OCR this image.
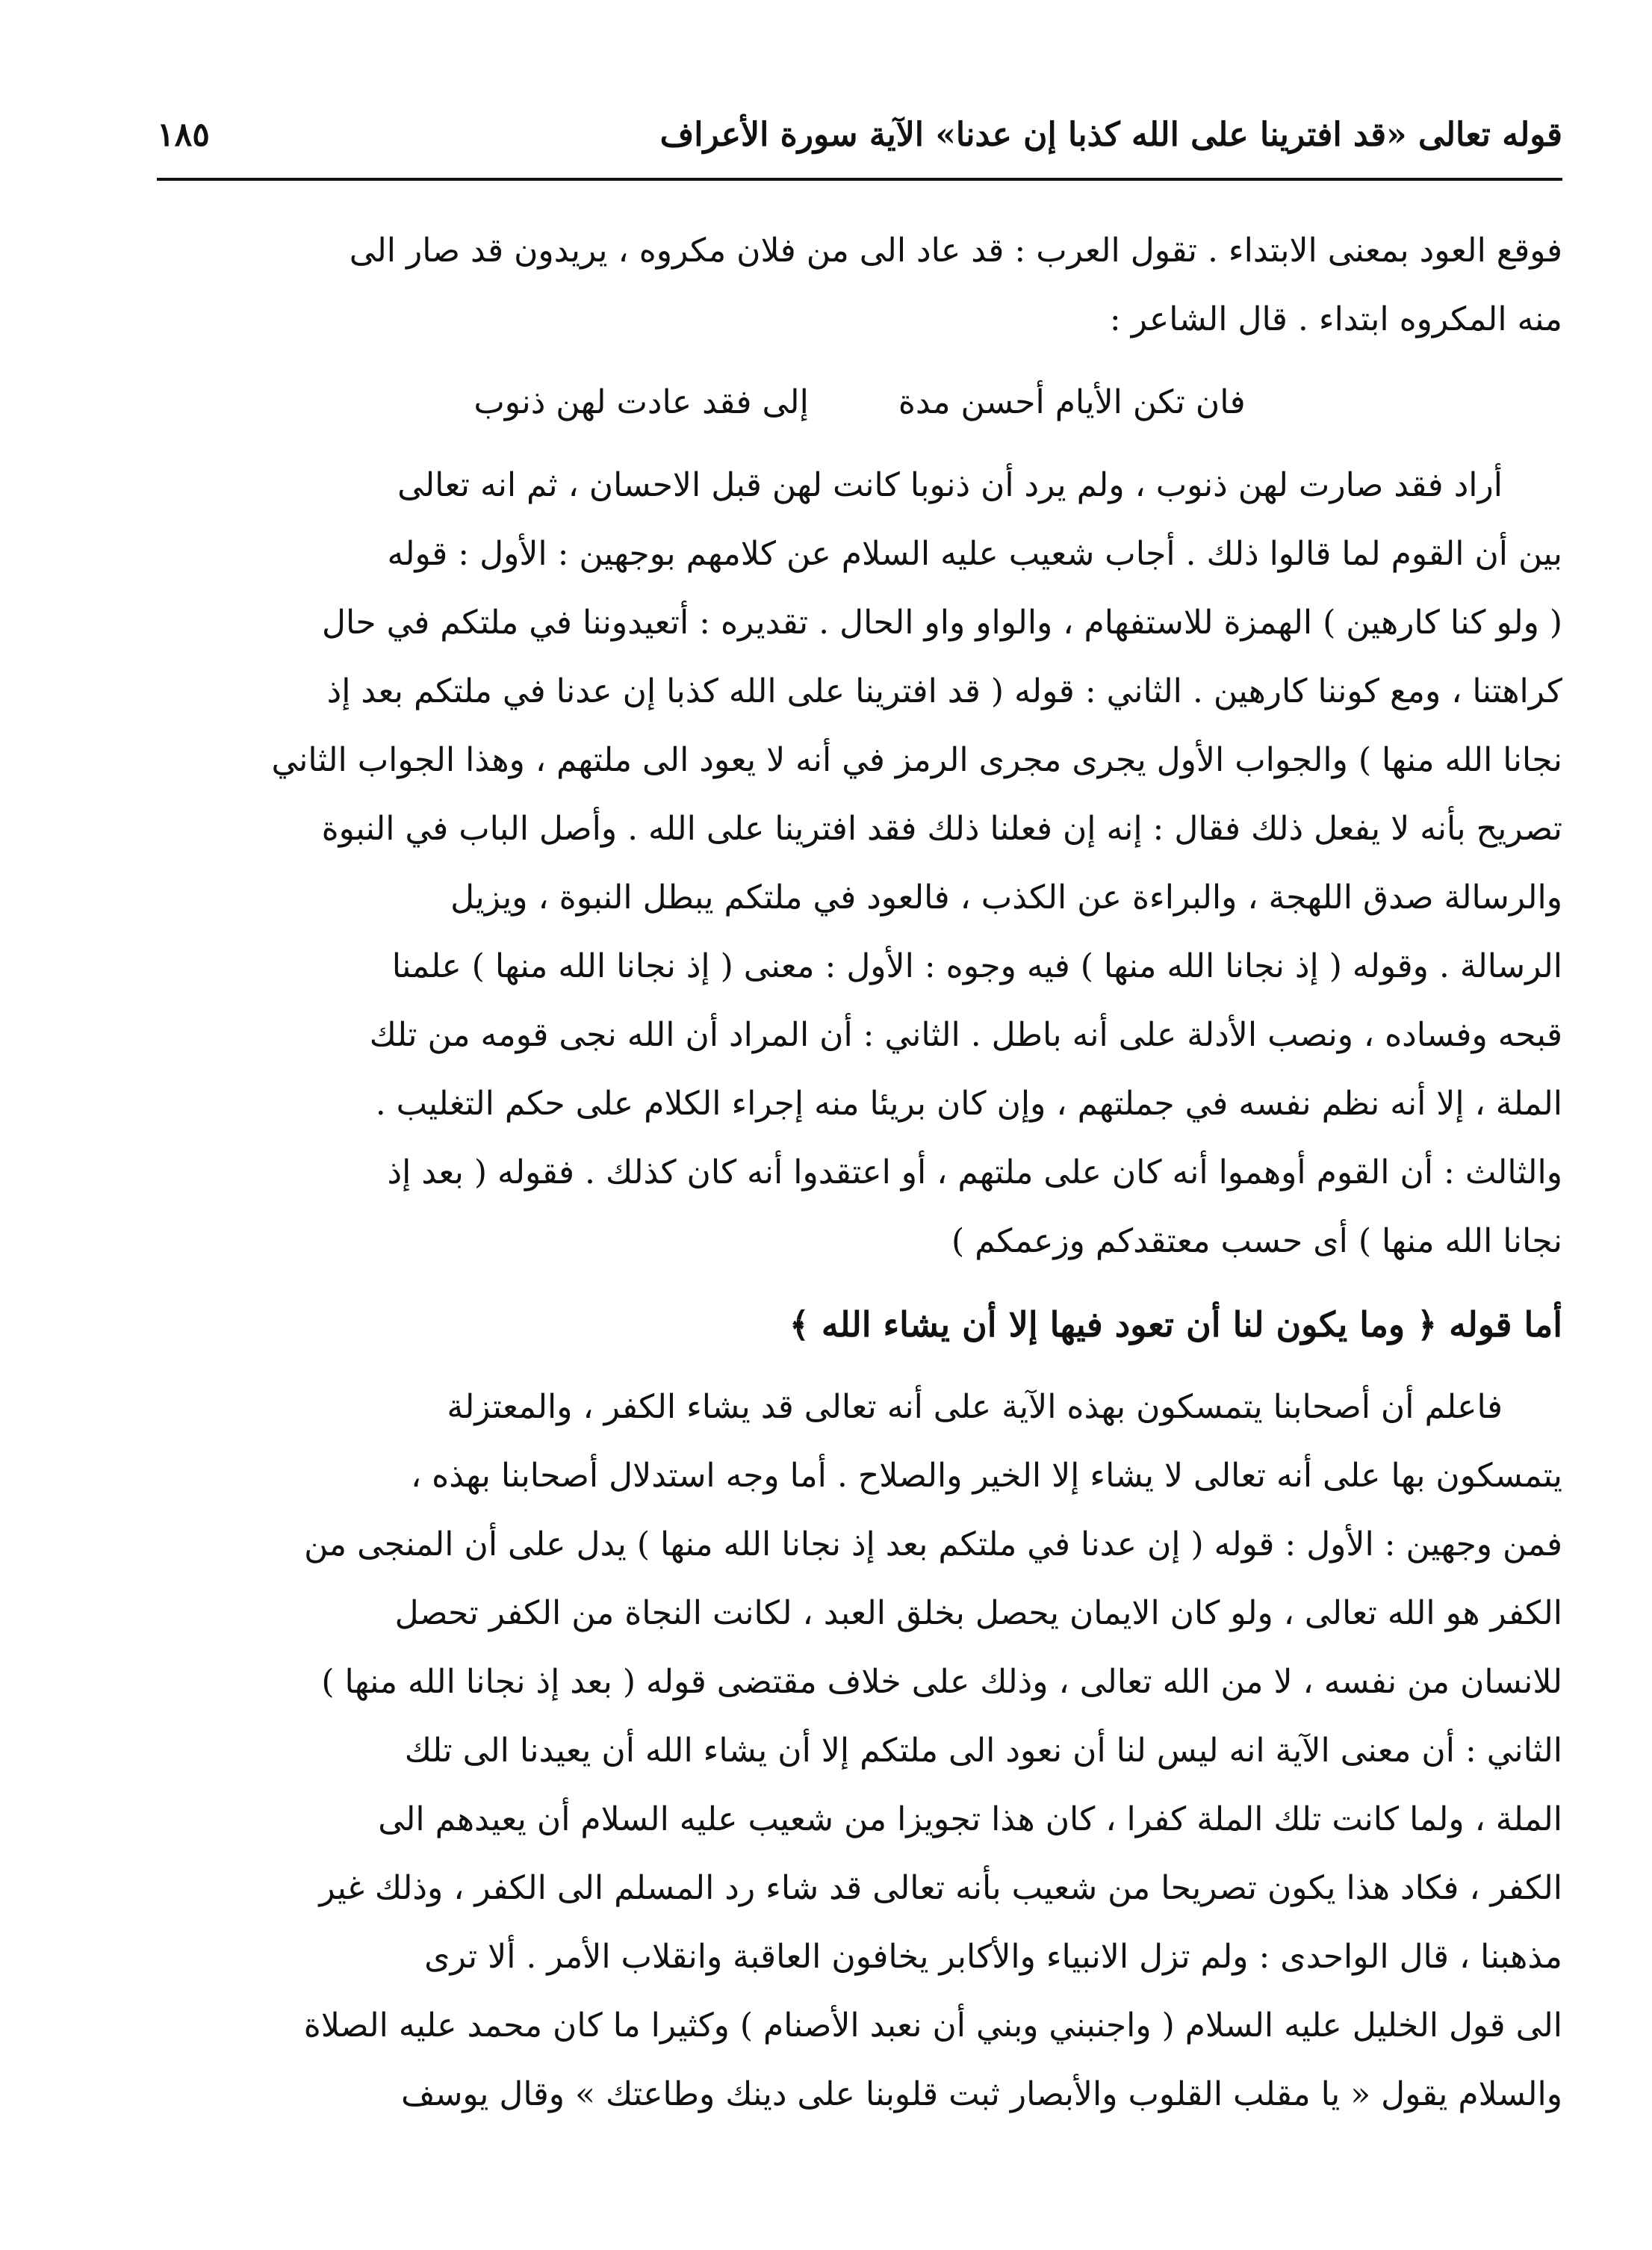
قوله تعالى «قد افترينا على الله كذبا إن عدنا» الآية سورة الأعراف
١٨٥
فوقع العود بمعنى الابتداء . تقول العرب : قد عاد الى من فلان مكروه ، يريدون قد صار الى
منه المكروه ابتداء . قال الشاعر :
فان تكن الأيام أحسن مدة
إلى فقد عادت لهن ذنوب
أراد فقد صارت لهن ذنوب ، ولم يرد أن ذنوبا كانت لهن قبل الاحسان ، ثم انه تعالى
بين أن القوم لما قالوا ذلك . أجاب شعيب عليه السلام عن كلامهم بوجهين : الأول : قوله
( ولو كنا كارهين ) الهمزة للاستفهام ، والواو واو الحال . تقديره : أتعيدوننا في ملتكم في حال
كراهتنا ، ومع كوننا كارهين . الثاني : قوله ( قد افترينا على الله كذبا إن عدنا في ملتكم بعد إذ
نجانا الله منها ) والجواب الأول يجرى مجرى الرمز في أنه لا يعود الى ملتهم ، وهذا الجواب الثاني
تصريح بأنه لا يفعل ذلك فقال : إنه إن فعلنا ذلك فقد افترينا على الله . وأصل الباب في النبوة
والرسالة صدق اللهجة ، والبراءة عن الكذب ، فالعود في ملتكم يبطل النبوة ، ويزيل
الرسالة . وقوله ( إذ نجانا الله منها ) فيه وجوه : الأول : معنى ( إذ نجانا الله منها ) علمنا
قبحه وفساده ، ونصب الأدلة على أنه باطل . الثاني : أن المراد أن الله نجى قومه من تلك
الملة ، إلا أنه نظم نفسه في جملتهم ، وإن كان بريئا منه إجراء الكلام على حكم التغليب .
والثالث : أن القوم أوهموا أنه كان على ملتهم ، أو اعتقدوا أنه كان كذلك . فقوله ( بعد إذ
نجانا الله منها ) أى حسب معتقدكم وزعمكم )
أما قوله ﴿ وما يكون لنا أن تعود فيها إلا أن يشاء الله ﴾
فاعلم أن أصحابنا يتمسكون بهذه الآية على أنه تعالى قد يشاء الكفر ، والمعتزلة
يتمسكون بها على أنه تعالى لا يشاء إلا الخير والصلاح . أما وجه استدلال أصحابنا بهذه ،
فمن وجهين : الأول : قوله ( إن عدنا في ملتكم بعد إذ نجانا الله منها ) يدل على أن المنجى من
الكفر هو الله تعالى ، ولو كان الايمان يحصل بخلق العبد ، لكانت النجاة من الكفر تحصل
للانسان من نفسه ، لا من الله تعالى ، وذلك على خلاف مقتضى قوله ( بعد إذ نجانا الله منها )
الثاني : أن معنى الآية انه ليس لنا أن نعود الى ملتكم إلا أن يشاء الله أن يعيدنا الى تلك
الملة ، ولما كانت تلك الملة كفرا ، كان هذا تجويزا من شعيب عليه السلام أن يعيدهم الى
الكفر ، فكاد هذا يكون تصريحا من شعيب بأنه تعالى قد شاء رد المسلم الى الكفر ، وذلك غير
مذهبنا ، قال الواحدى : ولم تزل الانبياء والأكابر يخافون العاقبة وانقلاب الأمر . ألا ترى
الى قول الخليل عليه السلام ( واجنبني وبني أن نعبد الأصنام ) وكثيرا ما كان محمد عليه الصلاة
والسلام يقول « يا مقلب القلوب والأبصار ثبت قلوبنا على دينك وطاعتك » وقال يوسف
